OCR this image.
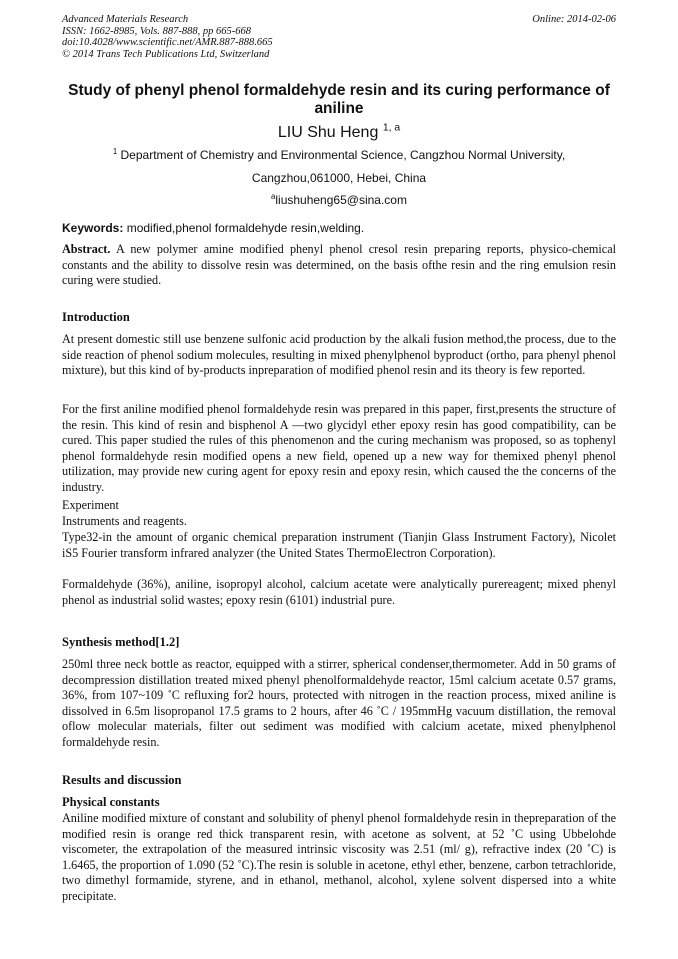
Advanced Materials Research
ISSN: 1662-8985, Vols. 887-888, pp 665-668
doi:10.4028/www.scientific.net/AMR.887-888.665
© 2014 Trans Tech Publications Ltd, Switzerland
Online: 2014-02-06
Study of phenyl phenol formaldehyde resin and its curing performance of aniline
LIU Shu Heng $^{1, a}$
$^1$ Department of Chemistry and Environmental Science, Cangzhou Normal University,
Cangzhou,061000, Hebei, China
$^a$liushuheng65@sina.com
Keywords: modified,phenol formaldehyde resin,welding.
Abstract. A new polymer amine modified phenyl phenol cresol resin preparing reports, physico-chemical constants and the ability to dissolve resin was determined, on the basis ofthe resin and the ring emulsion resin curing were studied.
Introduction
At present domestic still use benzene sulfonic acid production by the alkali fusion method,the process, due to the side reaction of phenol sodium molecules, resulting in mixed phenylphenol byproduct (ortho, para phenyl phenol mixture), but this kind of by-products inpreparation of modified phenol resin and its theory is few reported.
For the first aniline modified phenol formaldehyde resin was prepared in this paper, first,presents the structure of the resin. This kind of resin and bisphenol A —two glycidyl ether epoxy resin has good compatibility, can be cured. This paper studied the rules of this phenomenon and the curing mechanism was proposed, so as tophenyl phenol formaldehyde resin modified opens a new field, opened up a new way for themixed phenyl phenol utilization, may provide new curing agent for epoxy resin and epoxy resin, which caused the the concerns of the industry.
Experiment
Instruments and reagents.
Type32-in the amount of organic chemical preparation instrument (Tianjin Glass Instrument Factory), Nicolet iS5 Fourier transform infrared analyzer (the United States ThermoElectron Corporation).
Formaldehyde (36%), aniline, isopropyl alcohol, calcium acetate were analytically purereagent; mixed phenyl phenol as industrial solid wastes; epoxy resin (6101) industrial pure.
Synthesis method[1.2]
250ml three neck bottle as reactor, equipped with a stirrer, spherical condenser,thermometer. Add in 50 grams of decompression distillation treated mixed phenyl phenolformaldehyde reactor, 15ml calcium acetate 0.57 grams, 36%, from 107~109 ˚C refluxing for2 hours, protected with nitrogen in the reaction process, mixed aniline is dissolved in 6.5m lisopropanol 17.5 grams to 2 hours, after 46 ˚C / 195mmHg vacuum distillation, the removal oflow molecular materials, filter out sediment was modified with calcium acetate, mixed phenylphenol formaldehyde resin.
Results and discussion
Physical constants
Aniline modified mixture of constant and solubility of phenyl phenol formaldehyde resin in thepreparation of the modified resin is orange red thick transparent resin, with acetone as solvent, at 52 ˚C using Ubbelohde viscometer, the extrapolation of the measured intrinsic viscosity was 2.51 (ml/ g), refractive index (20 ˚C) is 1.6465, the proportion of 1.090 (52 ˚C).The resin is soluble in acetone, ethyl ether, benzene, carbon tetrachloride, two dimethyl formamide, styrene, and in ethanol, methanol, alcohol, xylene solvent dispersed into a white precipitate.
